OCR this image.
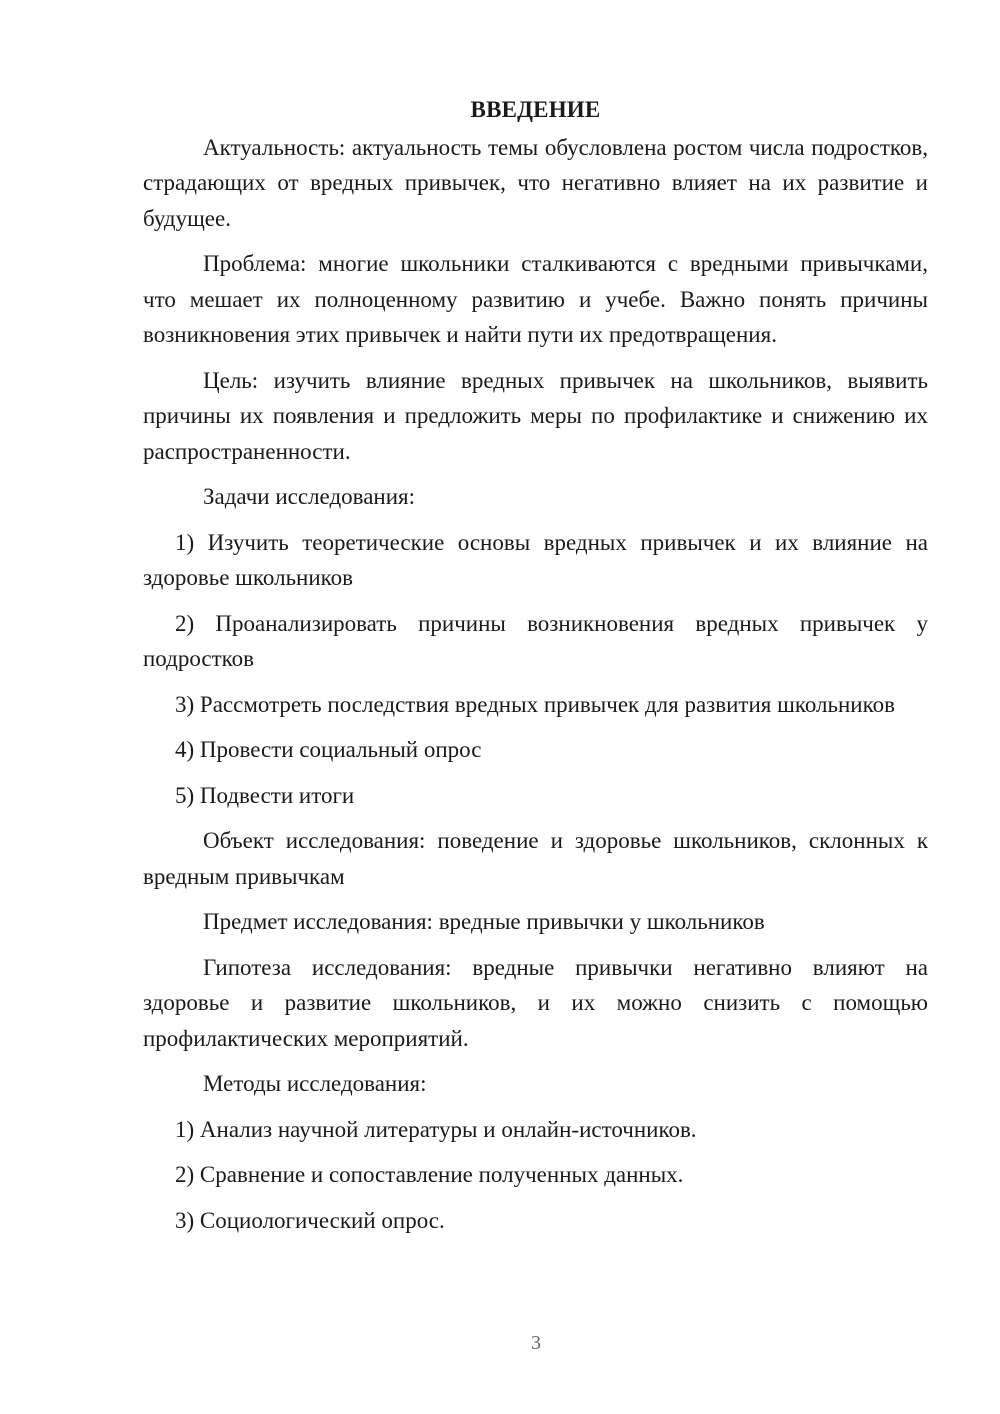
ВВЕДЕНИЕ

Актуальность: актуальность темы обусловлена ростом числа подростков, страдающих от вредных привычек, что негативно влияет на их развитие и будущее.

Проблема: многие школьники сталкиваются с вредными привычками, что мешает их полноценному развитию и учебе. Важно понять причины возникновения этих привычек и найти пути их предотвращения.

Цель: изучить влияние вредных привычек на школьников, выявить причины их появления и предложить меры по профилактике и снижению их распространенности.

Задачи исследования:

1) Изучить теоретические основы вредных привычек и их влияние на здоровье школьников

2) Проанализировать причины возникновения вредных привычек у подростков

3) Рассмотреть последствия вредных привычек для развития школьников

4) Провести социальный опрос

5) Подвести итоги

Объект исследования: поведение и здоровье школьников, склонных к вредным привычкам

Предмет исследования: вредные привычки у школьников

Гипотеза исследования: вредные привычки негативно влияют на здоровье и развитие школьников, и их можно снизить с помощью профилактических мероприятий.

Методы исследования:

1) Анализ научной литературы и онлайн-источников.

2) Сравнение и сопоставление полученных данных.

3) Социологический опрос.

3
